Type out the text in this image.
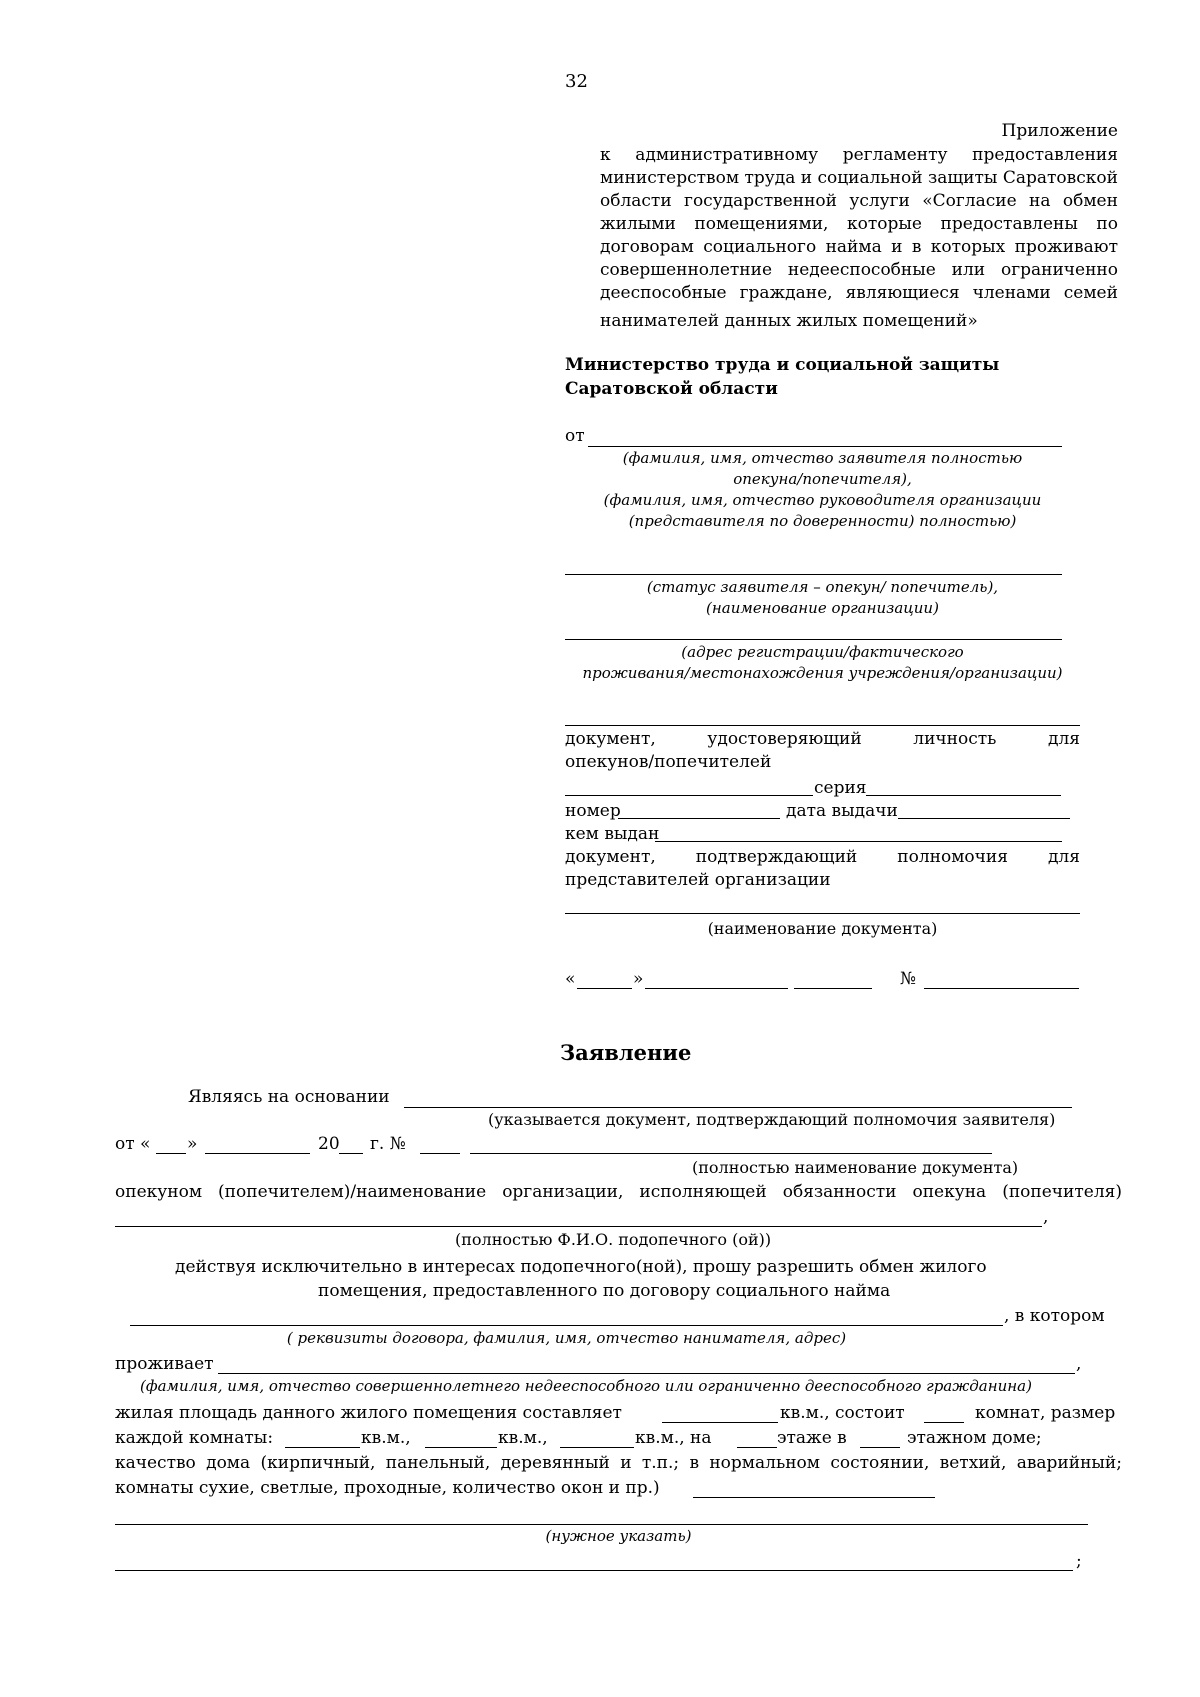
32
Приложение
к административному регламенту предоставления
министерством труда и социальной защиты Саратовской
области государственной услуги «Согласие на обмен
жилыми помещениями, которые предоставлены по
договорам социального найма и в которых проживают
совершеннолетние недееспособные или ограниченно
дееспособные граждане, являющиеся членами семей
нанимателей данных жилых помещений»
Министерство труда и социальной защиты
Саратовской области
от
(фамилия, имя, отчество заявителя полностью
опекуна/попечителя),
(фамилия, имя, отчество руководителя организации
(представителя по доверенности) полностью)
(статус заявителя – опекун/ попечитель),
(наименование организации)
(адрес регистрации/фактического
проживания/местонахождения учреждения/организации)
документ,	удостоверяющий	личность	для
опекунов/попечителей
серия
номер	дата выдачи
кем выдан
документ, подтверждающий полномочия для
представителей организации
(наименование документа)
«	»	№
Заявление
Являясь на основании
(указывается документ, подтверждающий полномочия заявителя)
от « »	20 г. №
(полностью наименование документа)
опекуном (попечителем)/наименование организации, исполняющей обязанности опекуна (попечителя)
,
(полностью Ф.И.О. подопечного (ой))
действуя исключительно в интересах подопечного(ной), прошу разрешить обмен жилого
помещения, предоставленного по договору социального найма
, в котором
( реквизиты договора, фамилия, имя, отчество нанимателя, адрес)
проживает	,
(фамилия, имя, отчество совершеннолетнего недееспособного или ограниченно дееспособного гражданина)
жилая площадь данного жилого помещения составляет	кв.м., состоит	комнат, размер
каждой комнаты:	кв.м.,	кв.м.,	кв.м., на	этаже в	этажном доме;
качество дома (кирпичный, панельный, деревянный и т.п.; в нормальном состоянии, ветхий, аварийный;
комнаты сухие, светлые, проходные, количество окон и пр.)
(нужное указать)
;
